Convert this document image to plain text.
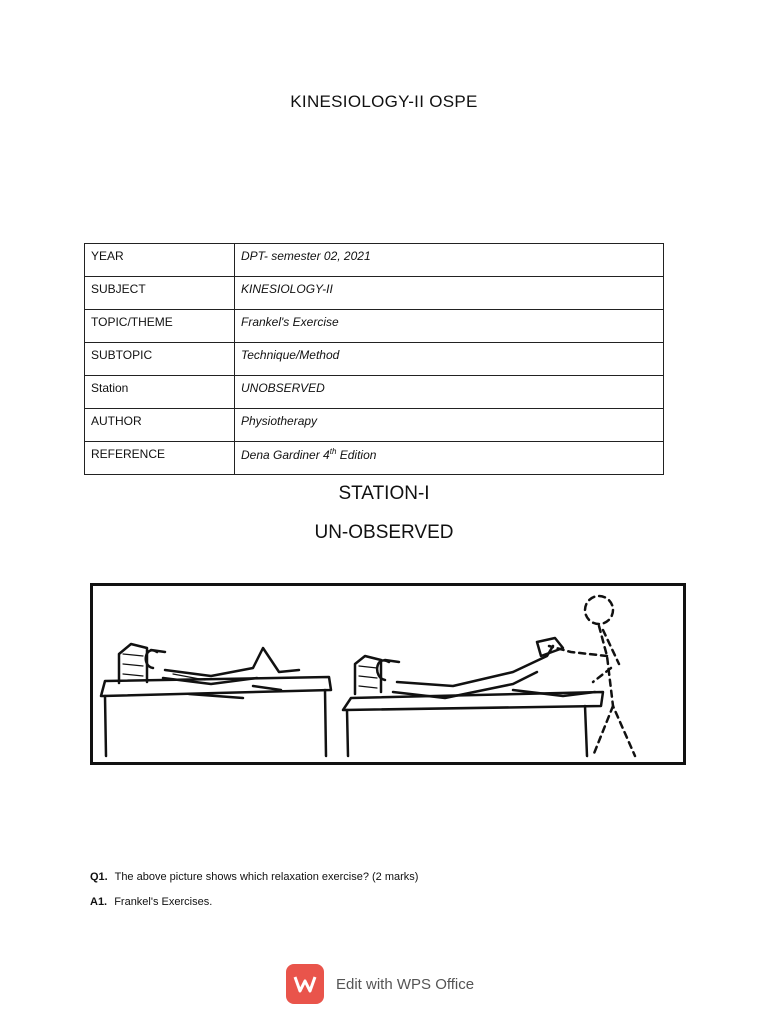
KINESIOLOGY-II OSPE
YEAR	DPT- semester 02, 2021
SUBJECT	KINESIOLOGY-II
TOPIC/THEME	Frankel's Exercise
SUBTOPIC	Technique/Method
Station	UNOBSERVED
AUTHOR	Physiotherapy
REFERENCE	Dena Gardiner 4th Edition
STATION-I
UN-OBSERVED
Q1. The above picture shows which relaxation exercise? (2 marks)
A1. Frankel's Exercises.
Edit with WPS Office
